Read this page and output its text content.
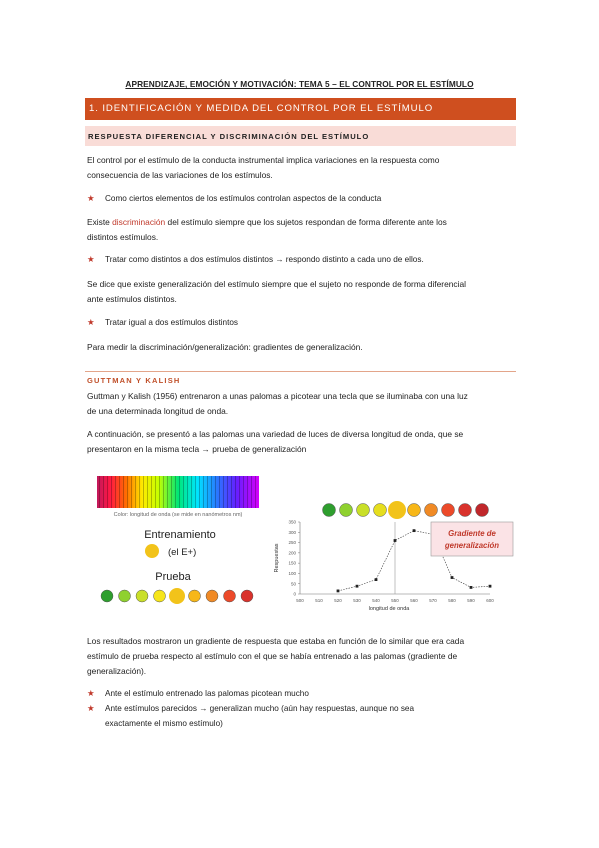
APRENDIZAJE, EMOCIÓN Y MOTIVACIÓN: TEMA 5 – EL CONTROL POR EL ESTÍMULO
1. IDENTIFICACIÓN Y MEDIDA DEL CONTROL POR EL ESTÍMULO
RESPUESTA DIFERENCIAL Y DISCRIMINACIÓN DEL ESTÍMULO
El control por el estímulo de la conducta instrumental implica variaciones en la respuesta como
consecuencia de las variaciones de los estímulos.
★ Como ciertos elementos de los estímulos controlan aspectos de la conducta
Existe discriminación del estímulo siempre que los sujetos respondan de forma diferente ante los
distintos estímulos.
★ Tratar como distintos a dos estímulos distintos → respondo distinto a cada uno de ellos.
Se dice que existe generalización del estímulo siempre que el sujeto no responde de forma diferencial
ante estímulos distintos.
★ Tratar igual a dos estímulos distintos
Para medir la discriminación/generalización: gradientes de generalización.
GUTTMAN Y KALISH
Guttman y Kalish (1956) entrenaron a unas palomas a picotear una tecla que se iluminaba con una luz
de una determinada longitud de onda.
A continuación, se presentó a las palomas una variedad de luces de diversa longitud de onda, que se
presentaron en la misma tecla → prueba de generalización
Color: longitud de onda (se mide en nanómetros nm)
Entrenamiento
(el E+)
Prueba
0
50
100
150
200
250
300
350
500	510	520	530	540	550	560	570	580	590	600
longitud de onda
Respuestas
Gradiente de
generalización
Los resultados mostraron un gradiente de respuesta que estaba en función de lo similar que era cada
estímulo de prueba respecto al estímulo con el que se había entrenado a las palomas (gradiente de
generalización).
★ Ante el estímulo entrenado las palomas picotean mucho
★ Ante estímulos parecidos → generalizan mucho (aún hay respuestas, aunque no sea
exactamente el mismo estímulo)
